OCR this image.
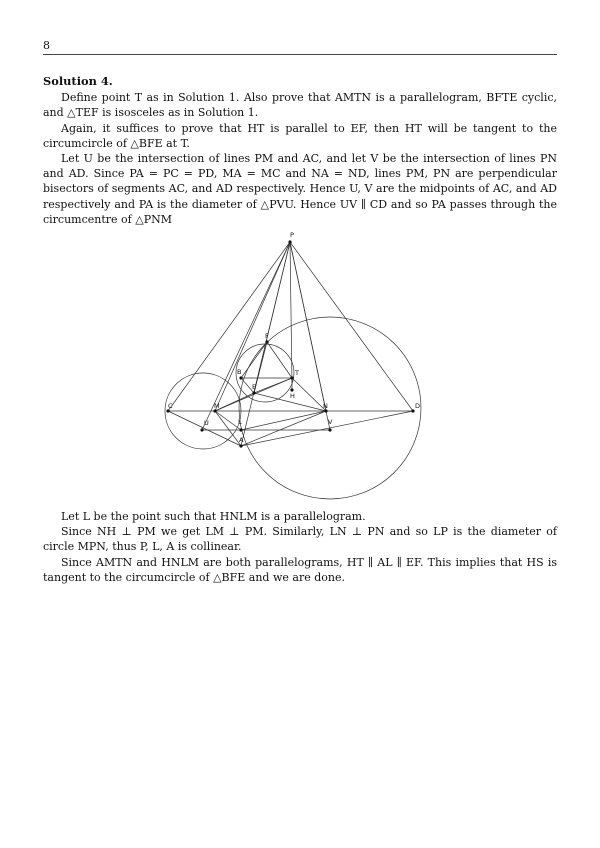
8
Solution 4.

Define point T as in Solution 1. Also prove that AMTN is a parallelogram, BFTE cyclic, and △TEF is isosceles as in Solution 1.

Again, it suffices to prove that HT is parallel to EF, then HT will be tangent to the circumcircle of △BFE at T.

Let U be the intersection of lines PM and AC, and let V be the intersection of lines PN and AD. Since PA = PC = PD, MA = MC and NA = ND, lines PM, PN are perpendicular bisectors of segments AC, and AD respectively. Hence U, V are the midpoints of AC, and AD respectively and PA is the diameter of △PVU. Hence UV ∥ CD and so PA passes through the circumcentre of △PNM

P
F
B	T
H
E
C	M	N	D
U	L	V
A

Let L be the point such that HNLM is a parallelogram.

Since NH ⊥ PM we get LM ⊥ PM. Similarly, LN ⊥ PN and so LP is the diameter of circle MPN, thus P, L, A is collinear.

Since AMTN and HNLM are both parallelograms, HT ∥ AL ∥ EF. This implies that HS is tangent to the circumcircle of △BFE and we are done.
